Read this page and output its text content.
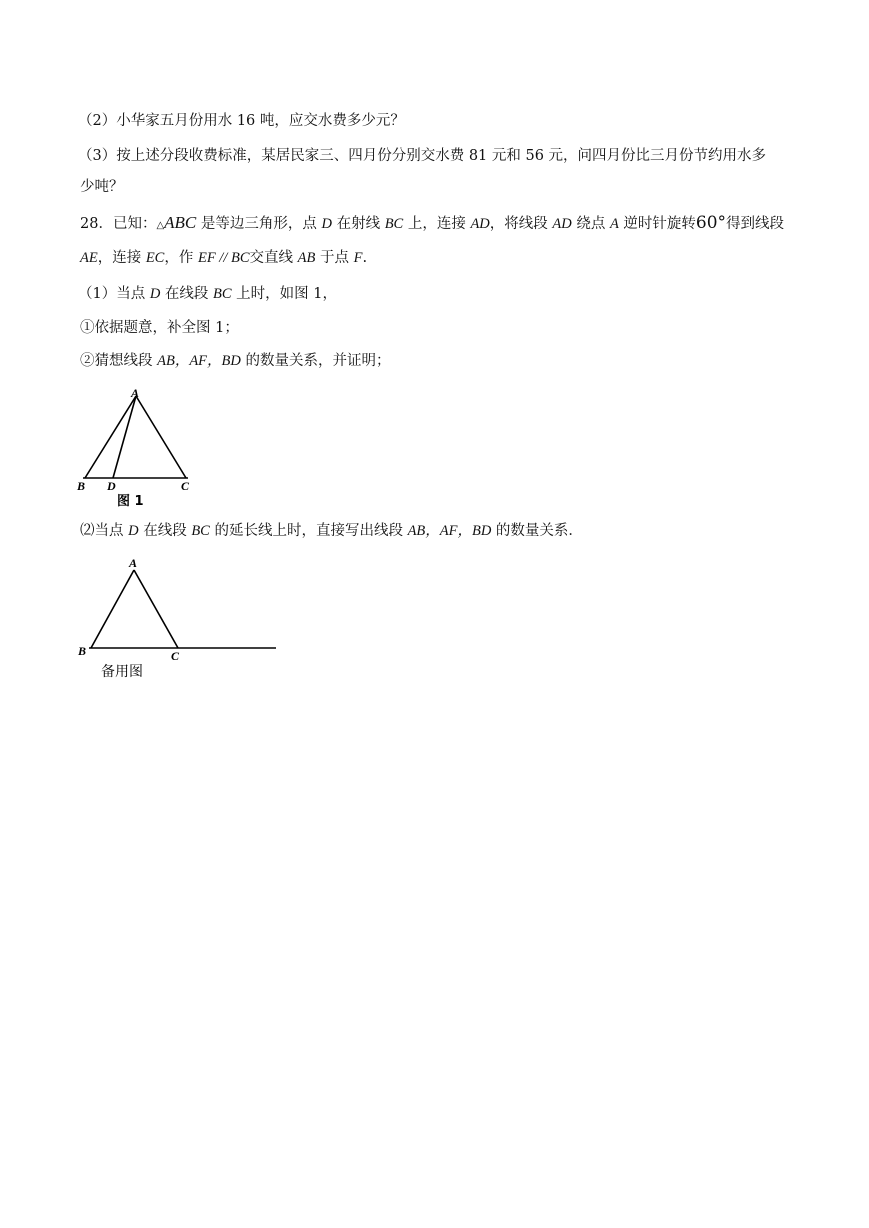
（2）小华家五月份用水 16 吨，应交水费多少元？
（3）按上述分段收费标准，某居民家三、四月份分别交水费 81 元和 56 元，问四月份比三月份节约用水多
少吨？
28．已知：△ABC 是等边三角形，点 D 在射线 BC 上，连接 AD，将线段 AD 绕点 A 逆时针旋转60°得到线段
AE，连接 EC，作 EF // BC交直线 AB 于点 F.
（1）当点 D 在线段 BC 上时，如图 1，
①依据题意，补全图 1；
②猜想线段 AB，AF，BD 的数量关系，并证明；
A
B D	C
图 1
⑵当点 D 在线段 BC 的延长线上时，直接写出线段 AB，AF，BD 的数量关系．
A
B	C
备用图
